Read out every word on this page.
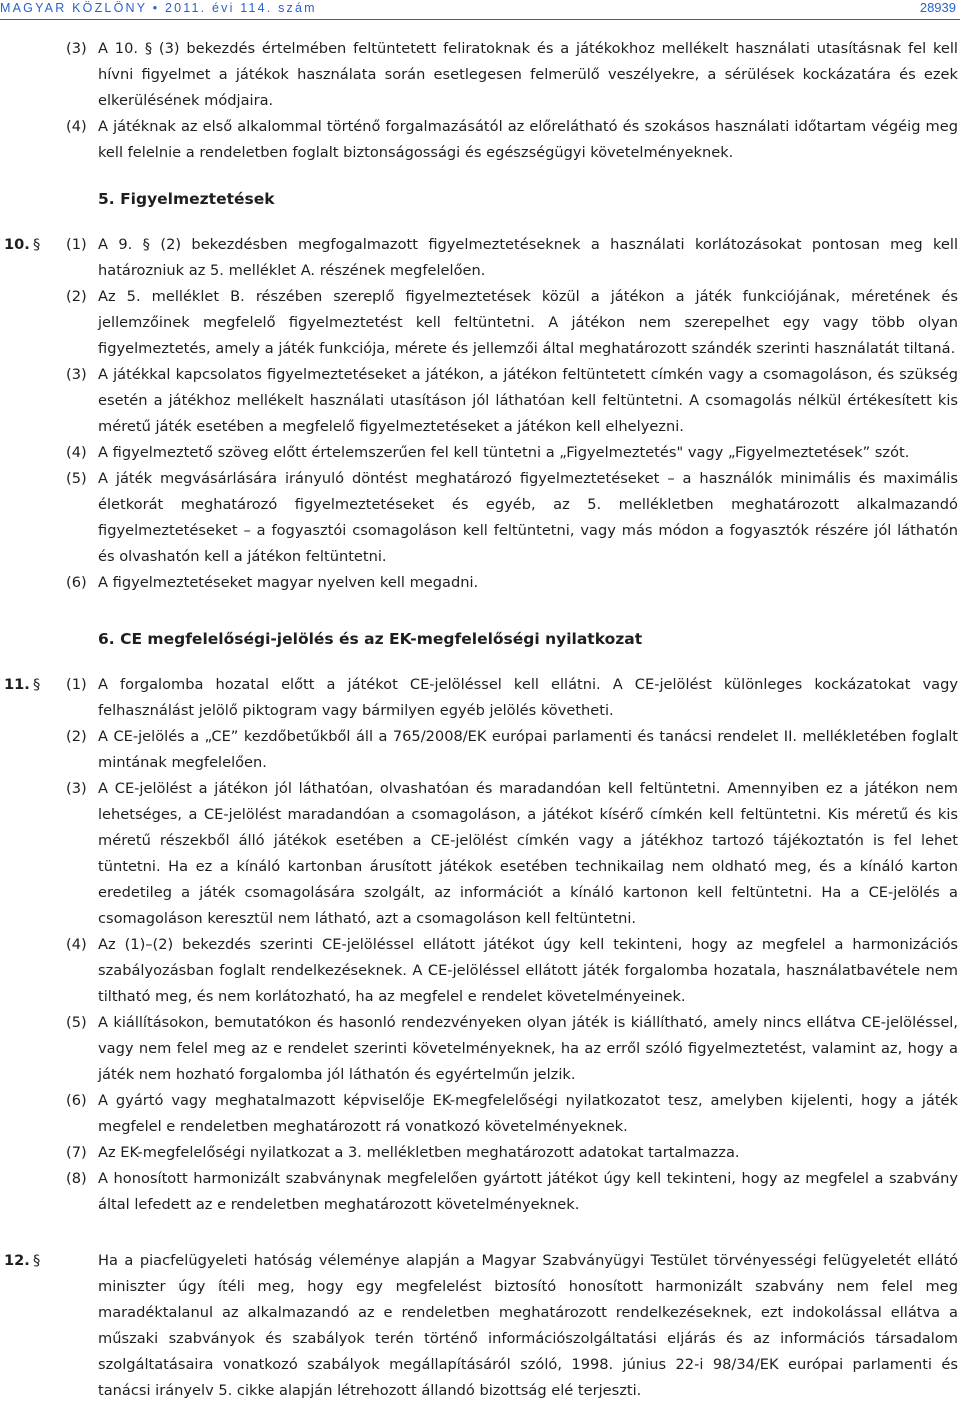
MAGYAR KÖZLÖNY • 2011. évi 114. szám	28939
(3) A 10. § (3) bekezdés értelmében feltüntetett feliratoknak és a játékokhoz mellékelt használati utasításnak fel kell hívni figyelmet a játékok használata során esetlegesen felmerülő veszélyekre, a sérülések kockázatára és ezek elkerülésének módjaira.
(4) A játéknak az első alkalommal történő forgalmazásától az előrelátható és szokásos használati időtartam végéig meg kell felelnie a rendeletben foglalt biztonságossági és egészségügyi követelményeknek.
5. Figyelmeztetések
10. § (1) A 9. § (2) bekezdésben megfogalmazott figyelmeztetéseknek a használati korlátozásokat pontosan meg kell határozniuk az 5. melléklet A. részének megfelelően.
(2) Az 5. melléklet B. részében szereplő figyelmeztetések közül a játékon a játék funkciójának, méretének és jellemzőinek megfelelő figyelmeztetést kell feltüntetni. A játékon nem szerepelhet egy vagy több olyan figyelmeztetés, amely a játék funkciója, mérete és jellemzői által meghatározott szándék szerinti használatát tiltaná.
(3) A játékkal kapcsolatos figyelmeztetéseket a játékon, a játékon feltüntetett címkén vagy a csomagoláson, és szükség esetén a játékhoz mellékelt használati utasításon jól láthatóan kell feltüntetni. A csomagolás nélkül értékesített kis méretű játék esetében a megfelelő figyelmeztetéseket a játékon kell elhelyezni.
(4) A figyelmeztető szöveg előtt értelemszerűen fel kell tüntetni a „Figyelmeztetés" vagy „Figyelmeztetések” szót.
(5) A játék megvásárlására irányuló döntést meghatározó figyelmeztetéseket – a használók minimális és maximális életkorát meghatározó figyelmeztetéseket és egyéb, az 5. mellékletben meghatározott alkalmazandó figyelmeztetéseket – a fogyasztói csomagoláson kell feltüntetni, vagy más módon a fogyasztók részére jól láthatón és olvashatón kell a játékon feltüntetni.
(6) A figyelmeztetéseket magyar nyelven kell megadni.
6. CE megfelelőségi-jelölés és az EK-megfelelőségi nyilatkozat
11. § (1) A forgalomba hozatal előtt a játékot CE-jelöléssel kell ellátni. A CE-jelölést különleges kockázatokat vagy felhasználást jelölő piktogram vagy bármilyen egyéb jelölés követheti.
(2) A CE-jelölés a „CE” kezdőbetűkből áll a 765/2008/EK európai parlamenti és tanácsi rendelet II. mellékletében foglalt mintának megfelelően.
(3) A CE-jelölést a játékon jól láthatóan, olvashatóan és maradandóan kell feltüntetni. Amennyiben ez a játékon nem lehetséges, a CE-jelölést maradandóan a csomagoláson, a játékot kísérő címkén kell feltüntetni. Kis méretű és kis méretű részekből álló játékok esetében a CE-jelölést címkén vagy a játékhoz tartozó tájékoztatón is fel lehet tüntetni. Ha ez a kínáló kartonban árusított játékok esetében technikailag nem oldható meg, és a kínáló karton eredetileg a játék csomagolására szolgált, az információt a kínáló kartonon kell feltüntetni. Ha a CE-jelölés a csomagoláson keresztül nem látható, azt a csomagoláson kell feltüntetni.
(4) Az (1)–(2) bekezdés szerinti CE-jelöléssel ellátott játékot úgy kell tekinteni, hogy az megfelel a harmonizációs szabályozásban foglalt rendelkezéseknek. A CE-jelöléssel ellátott játék forgalomba hozatala, használatbavétele nem tiltható meg, és nem korlátozható, ha az megfelel e rendelet követelményeinek.
(5) A kiállításokon, bemutatókon és hasonló rendezvényeken olyan játék is kiállítható, amely nincs ellátva CE-jelöléssel, vagy nem felel meg az e rendelet szerinti követelményeknek, ha az erről szóló figyelmeztetést, valamint az, hogy a játék nem hozható forgalomba jól láthatón és egyértelműn jelzik.
(6) A gyártó vagy meghatalmazott képviselője EK-megfelelőségi nyilatkozatot tesz, amelyben kijelenti, hogy a játék megfelel e rendeletben meghatározott rá vonatkozó követelményeknek.
(7) Az EK-megfelelőségi nyilatkozat a 3. mellékletben meghatározott adatokat tartalmazza.
(8) A honosított harmonizált szabványnak megfelelően gyártott játékot úgy kell tekinteni, hogy az megfelel a szabvány által lefedett az e rendeletben meghatározott követelményeknek.
12. §	Ha a piacfelügyeleti hatóság véleménye alapján a Magyar Szabványügyi Testület törvényességi felügyeletét ellátó miniszter úgy ítéli meg, hogy egy megfelelést biztosító honosított harmonizált szabvány nem felel meg maradéktalanul az alkalmazandó az e rendeletben meghatározott rendelkezéseknek, ezt indokolással ellátva a műszaki szabványok és szabályok terén történő információszolgáltatási eljárás és az információs társadalom szolgáltatásaira vonatkozó szabályok megállapításáról szóló, 1998. június 22-i 98/34/EK európai parlamenti és tanácsi irányelv 5. cikke alapján létrehozott állandó bizottság elé terjeszti.
